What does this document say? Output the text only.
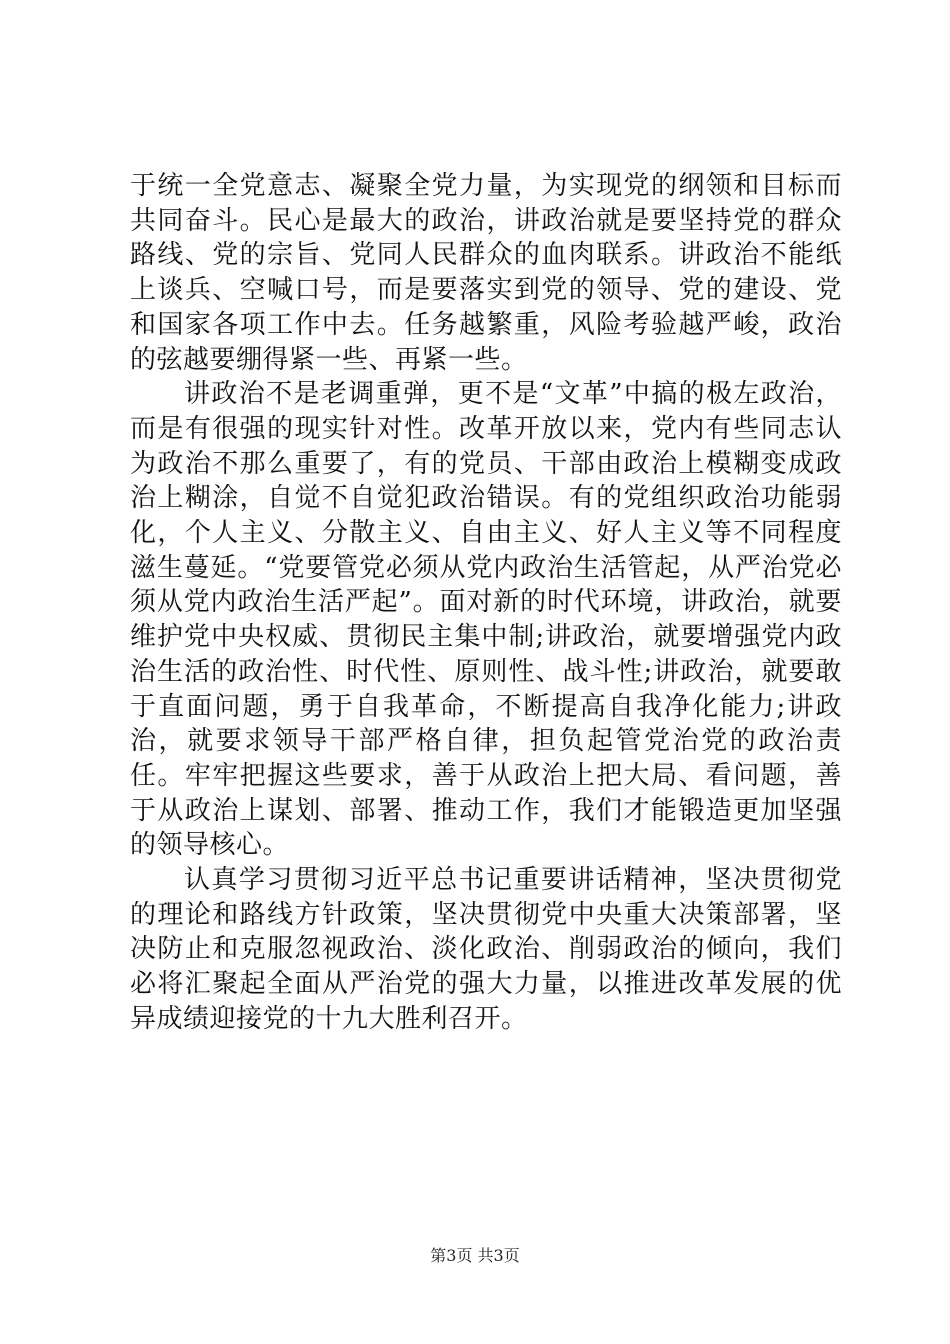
于统一全党意志、凝聚全党力量，为实现党的纲领和目标而共同奋斗。民心是最大的政治，讲政治就是要坚持党的群众路线、党的宗旨、党同人民群众的血肉联系。讲政治不能纸上谈兵、空喊口号，而是要落实到党的领导、党的建设、党和国家各项工作中去。任务越繁重，风险考验越严峻，政治的弦越要绷得紧一些、再紧一些。

讲政治不是老调重弹，更不是“文革”中搞的极左政治，而是有很强的现实针对性。改革开放以来，党内有些同志认为政治不那么重要了，有的党员、干部由政治上模糊变成政治上糊涂，自觉不自觉犯政治错误。有的党组织政治功能弱化，个人主义、分散主义、自由主义、好人主义等不同程度滋生蔓延。“党要管党必须从党内政治生活管起，从严治党必须从党内政治生活严起”。面对新的时代环境，讲政治，就要维护党中央权威、贯彻民主集中制;讲政治，就要增强党内政治生活的政治性、时代性、原则性、战斗性;讲政治，就要敢于直面问题，勇于自我革命，不断提高自我净化能力;讲政治，就要求领导干部严格自律，担负起管党治党的政治责任。牢牢把握这些要求，善于从政治上把大局、看问题，善于从政治上谋划、部署、推动工作，我们才能锻造更加坚强的领导核心。

认真学习贯彻习近平总书记重要讲话精神，坚决贯彻党的理论和路线方针政策，坚决贯彻党中央重大决策部署，坚决防止和克服忽视政治、淡化政治、削弱政治的倾向，我们必将汇聚起全面从严治党的强大力量，以推进改革发展的优异成绩迎接党的十九大胜利召开。

第3页 共3页
